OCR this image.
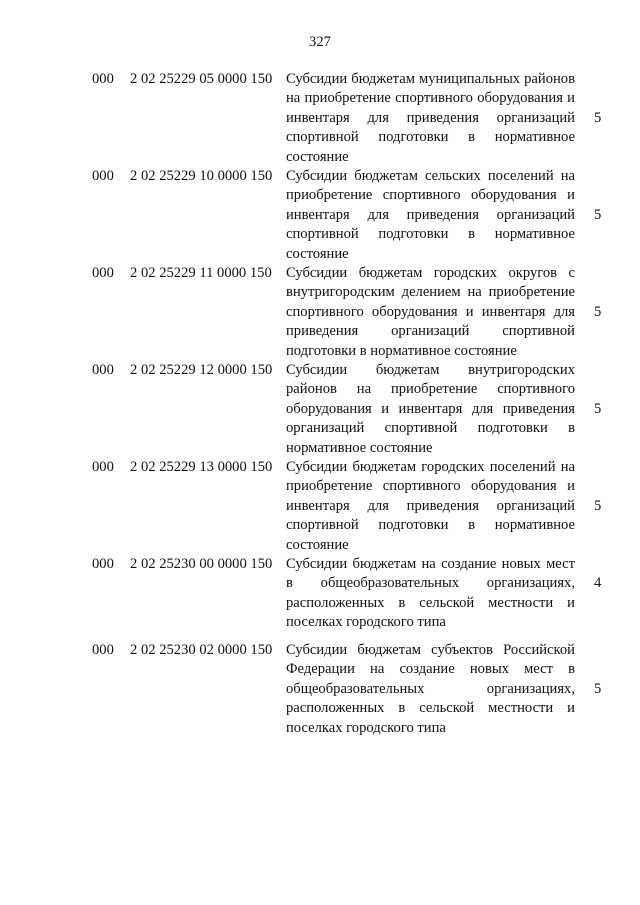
327
000 2 02 25229 05 0000 150 Субсидии бюджетам муниципальных районов на приобретение спортивного оборудования и инвентаря для приведения организаций спортивной подготовки в нормативное состояние
5
000 2 02 25229 10 0000 150 Субсидии бюджетам сельских поселений на приобретение спортивного оборудования и инвентаря для приведения организаций спортивной подготовки в нормативное состояние
5
000 2 02 25229 11 0000 150 Субсидии бюджетам городских округов с внутригородским делением на приобретение спортивного оборудования и инвентаря для приведения организаций спортивной подготовки в нормативное состояние
5
000 2 02 25229 12 0000 150 Субсидии бюджетам внутригородских районов на приобретение спортивного оборудования и инвентаря для приведения организаций спортивной подготовки в нормативное состояние
5
000 2 02 25229 13 0000 150 Субсидии бюджетам городских поселений на приобретение спортивного оборудования и инвентаря для приведения организаций спортивной подготовки в нормативное состояние
5
000 2 02 25230 00 0000 150 Субсидии бюджетам на создание новых мест в общеобразовательных организациях, расположенных в сельской местности и поселках городского типа
4
000 2 02 25230 02 0000 150 Субсидии бюджетам субъектов Российской Федерации на создание новых мест в общеобразовательных организациях, расположенных в сельской местности и поселках городского типа
5
